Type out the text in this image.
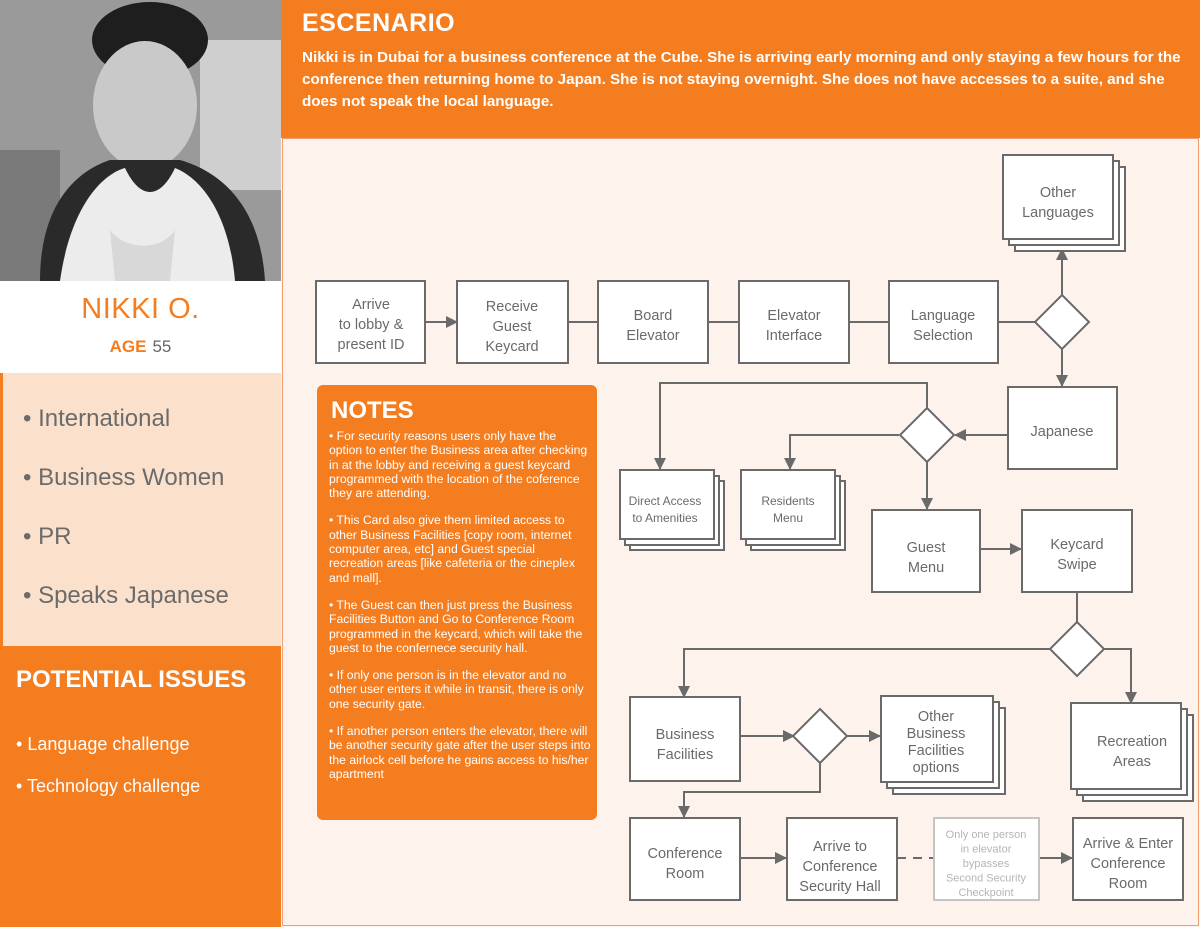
NIKKI O.
AGE 55
• International
• Business Women
• PR
• Speaks Japanese
POTENTIAL ISSUES
• Language challenge
• Technology challenge
ESCENARIO
Nikki is in Dubai for a business conference at the Cube. She is arriving early morning and only staying a few hours for the conference then returning home to Japan. She is not staying overnight. She does not have accesses to a suite, and she does not speak the local language.
Arrive to lobby & present ID
Receive Guest Keycard
Board Elevator
Elevator Interface
Language Selection
Other Languages
Japanese
Direct Access to Amenities
Residents Menu
Guest Menu
Keycard Swipe
Business Facilities
Other Business Facilities options
Recreation Areas
Conference Room
Arrive to Conference Security Hall
Only one person in elevator bypasses Second Security Checkpoint
Arrive & Enter Conference Room
NOTES

• For security reasons users only have the option to enter the Business area after checking in at the lobby and receiving a guest keycard programmed with the location of the coference they are attending.

• This Card also give them limited access to other Business Facilities [copy room, internet computer area, etc] and Guest special recreation areas [like cafeteria or the cineplex and mall].

• The Guest can then just press the Business Facilities Button and Go to Conference Room programmed in the keycard, which will take the guest to the confernece security hall.

• If only one person is in the elevator and no other user enters it while in transit, there is only one security gate.

• If another person enters the elevator, there will be another security gate after the user steps into the airlock cell before he gains access to his/her apartment
